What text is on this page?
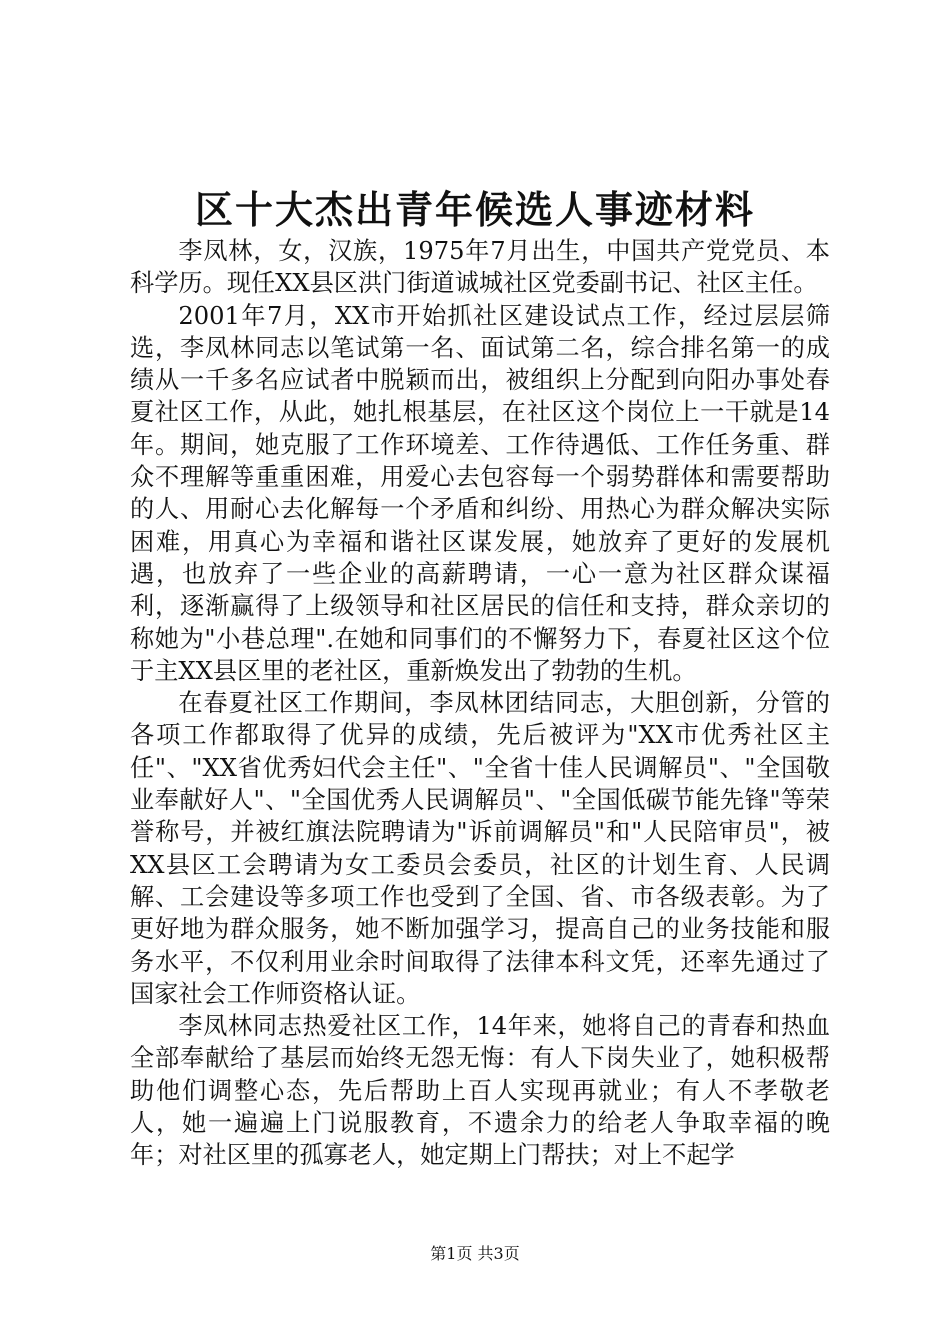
区十大杰出青年候选人事迹材料

李凤林，女，汉族，1975年7月出生，中国共产党党员、本科学历。现任XX县区洪门街道诚城社区党委副书记、社区主任。

2001年7月，XX市开始抓社区建设试点工作，经过层层筛选，李凤林同志以笔试第一名、面试第二名，综合排名第一的成绩从一千多名应试者中脱颖而出，被组织上分配到向阳办事处春夏社区工作，从此，她扎根基层，在社区这个岗位上一干就是14年。期间，她克服了工作环境差、工作待遇低、工作任务重、群众不理解等重重困难，用爱心去包容每一个弱势群体和需要帮助的人、用耐心去化解每一个矛盾和纠纷、用热心为群众解决实际困难，用真心为幸福和谐社区谋发展，她放弃了更好的发展机遇，也放弃了一些企业的高薪聘请，一心一意为社区群众谋福利，逐渐赢得了上级领导和社区居民的信任和支持，群众亲切的称她为"小巷总理".在她和同事们的不懈努力下，春夏社区这个位于主XX县区里的老社区，重新焕发出了勃勃的生机。

在春夏社区工作期间，李凤林团结同志，大胆创新，分管的各项工作都取得了优异的成绩，先后被评为"XX市优秀社区主任"、"XX省优秀妇代会主任"、"全省十佳人民调解员"、"全国敬业奉献好人"、"全国优秀人民调解员"、"全国低碳节能先锋"等荣誉称号，并被红旗法院聘请为"诉前调解员"和"人民陪审员"，被XX县区工会聘请为女工委员会委员，社区的计划生育、人民调解、工会建设等多项工作也受到了全国、省、市各级表彰。为了更好地为群众服务，她不断加强学习，提高自己的业务技能和服务水平，不仅利用业余时间取得了法律本科文凭，还率先通过了国家社会工作师资格认证。

李凤林同志热爱社区工作，14年来，她将自己的青春和热血全部奉献给了基层而始终无怨无悔：有人下岗失业了，她积极帮助他们调整心态，先后帮助上百人实现再就业；有人不孝敬老人，她一遍遍上门说服教育，不遗余力的给老人争取幸福的晚年；对社区里的孤寡老人，她定期上门帮扶；对上不起学

第1页 共3页
